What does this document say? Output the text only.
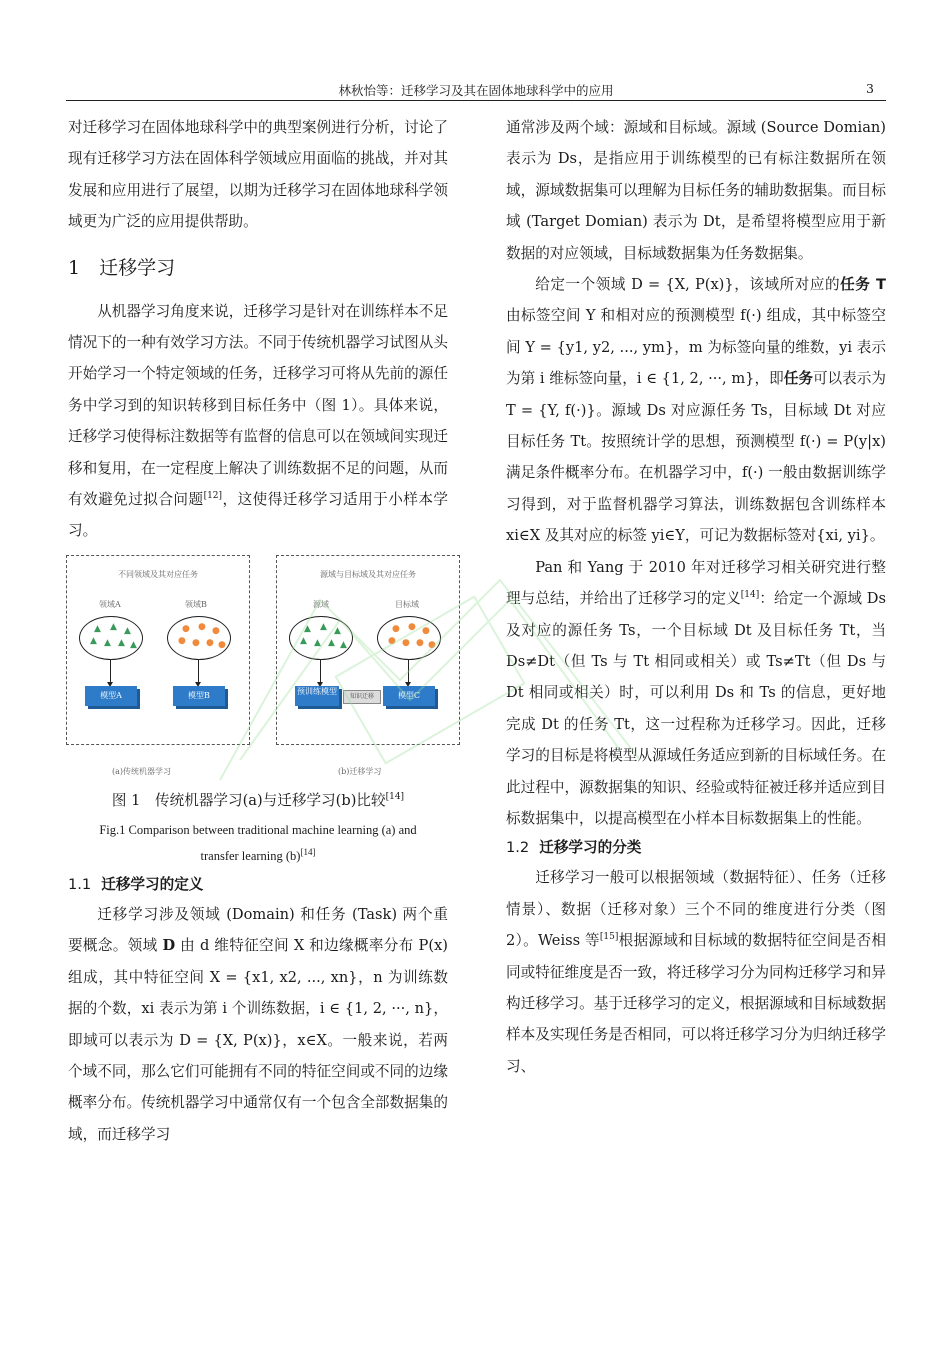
林秋怡等：迁移学习及其在固体地球科学中的应用	3

对迁移学习在固体地球科学中的典型案例进行分析，讨论了现有迁移学习方法在固体科学领域应用面临的挑战，并对其发展和应用进行了展望，以期为迁移学习在固体地球科学领域更为广泛的应用提供帮助。

1　迁移学习

从机器学习角度来说，迁移学习是针对在训练样本不足情况下的一种有效学习方法。不同于传统机器学习试图从头开始学习一个特定领域的任务，迁移学习可将从先前的源任务中学习到的知识转移到目标任务中（图 1）。具体来说，迁移学习使得标注数据等有监督的信息可以在领域间实现迁移和复用，在一定程度上解决了训练数据不足的问题，从而有效避免过拟合问题[12]，这使得迁移学习适用于小样本学习。

不同领域及其对应任务
领域A	领域B
▲ ▲ ▲
▲ ▲ ▲ ▲
● ● ●
● ● ● ●
模型A	模型B
源域与目标域及其对应任务
源域	目标域
▲ ▲ ▲
▲ ▲ ▲ ▲
● ● ●
● ● ● ●
预训练模型
知识迁移	模型C
(a)传统机器学习	(b)迁移学习

图 1　传统机器学习(a)与迁移学习(b)比较[14]

Fig.1 Comparison between traditional machine learning (a) and

transfer learning (b)[14]

1.1 迁移学习的定义

迁移学习涉及领域 (Domain) 和任务 (Task) 两个重要概念。领域 D 由 d 维特征空间 X 和边缘概率分布 P(x) 组成，其中特征空间 X = {x1, x2, ..., xn}，n 为训练数据的个数，xi 表示为第 i 个训练数据，i ∈ {1, 2, ···, n}，即域可以表示为 D = {X, P(x)}，x∈X。一般来说，若两个域不同，那么它们可能拥有不同的特征空间或不同的边缘概率分布。传统机器学习中通常仅有一个包含全部数据集的域，而迁移学习

通常涉及两个域：源域和目标域。源域 (Source Domian) 表示为 Ds，是指应用于训练模型的已有标注数据所在领域，源域数据集可以理解为目标任务的辅助数据集。而目标域 (Target Domian) 表示为 Dt，是希望将模型应用于新数据的对应领域，目标域数据集为任务数据集。

给定一个领域 D = {X, P(x)}，该域所对应的任务 T 由标签空间 Y 和相对应的预测模型 f(·) 组成，其中标签空间 Y = {y1, y2, ..., ym}，m 为标签向量的维数，yi 表示为第 i 维标签向量，i ∈ {1, 2, ···, m}，即任务可以表示为 T = {Y, f(·)}。源域 Ds 对应源任务 Ts，目标域 Dt 对应目标任务 Tt。按照统计学的思想，预测模型 f(·) = P(y|x) 满足条件概率分布。在机器学习中，f(·) 一般由数据训练学习得到，对于监督机器学习算法，训练数据包含训练样本 xi∈X 及其对应的标签 yi∈Y，可记为数据标签对{xi, yi}。

Pan 和 Yang 于 2010 年对迁移学习相关研究进行整理与总结，并给出了迁移学习的定义[14]：给定一个源域 Ds 及对应的源任务 Ts，一个目标域 Dt 及目标任务 Tt，当 Ds≠Dt（但 Ts 与 Tt 相同或相关）或 Ts≠Tt（但 Ds 与 Dt 相同或相关）时，可以利用 Ds 和 Ts 的信息，更好地完成 Dt 的任务 Tt，这一过程称为迁移学习。因此，迁移学习的目标是将模型从源域任务适应到新的目标域任务。在此过程中，源数据集的知识、经验或特征被迁移并适应到目标数据集中，以提高模型在小样本目标数据集上的性能。

1.2 迁移学习的分类

迁移学习一般可以根据领域（数据特征）、任务（迁移情景）、数据（迁移对象）三个不同的维度进行分类（图 2）。Weiss 等[15]根据源域和目标域的数据特征空间是否相同或特征维度是否一致，将迁移学习分为同构迁移学习和异构迁移学习。基于迁移学习的定义，根据源域和目标域数据样本及实现任务是否相同，可以将迁移学习分为归纳迁移学习、
